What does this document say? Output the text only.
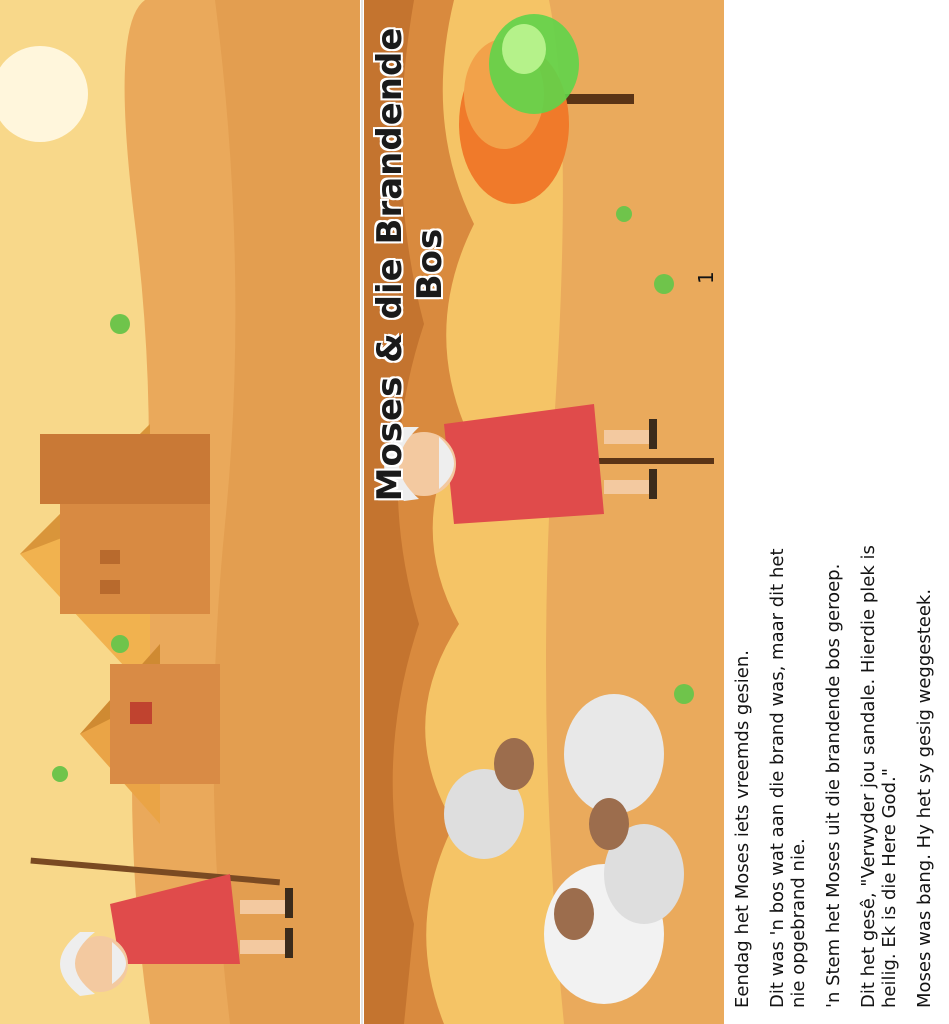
Moses & die Brandende Bos

Eendag het Moses iets vreemds gesien. Dit was 'n bos wat aan die brand was, maar dit het nie opgebrand nie. 'n Stem het Moses uit die brandende bos geroep. Dit het gesê, "Verwyder jou sandale. Hierdie plek is heilig. Ek is die Here God." Moses was bang. Hy het sy gesig weggesteek.

1
